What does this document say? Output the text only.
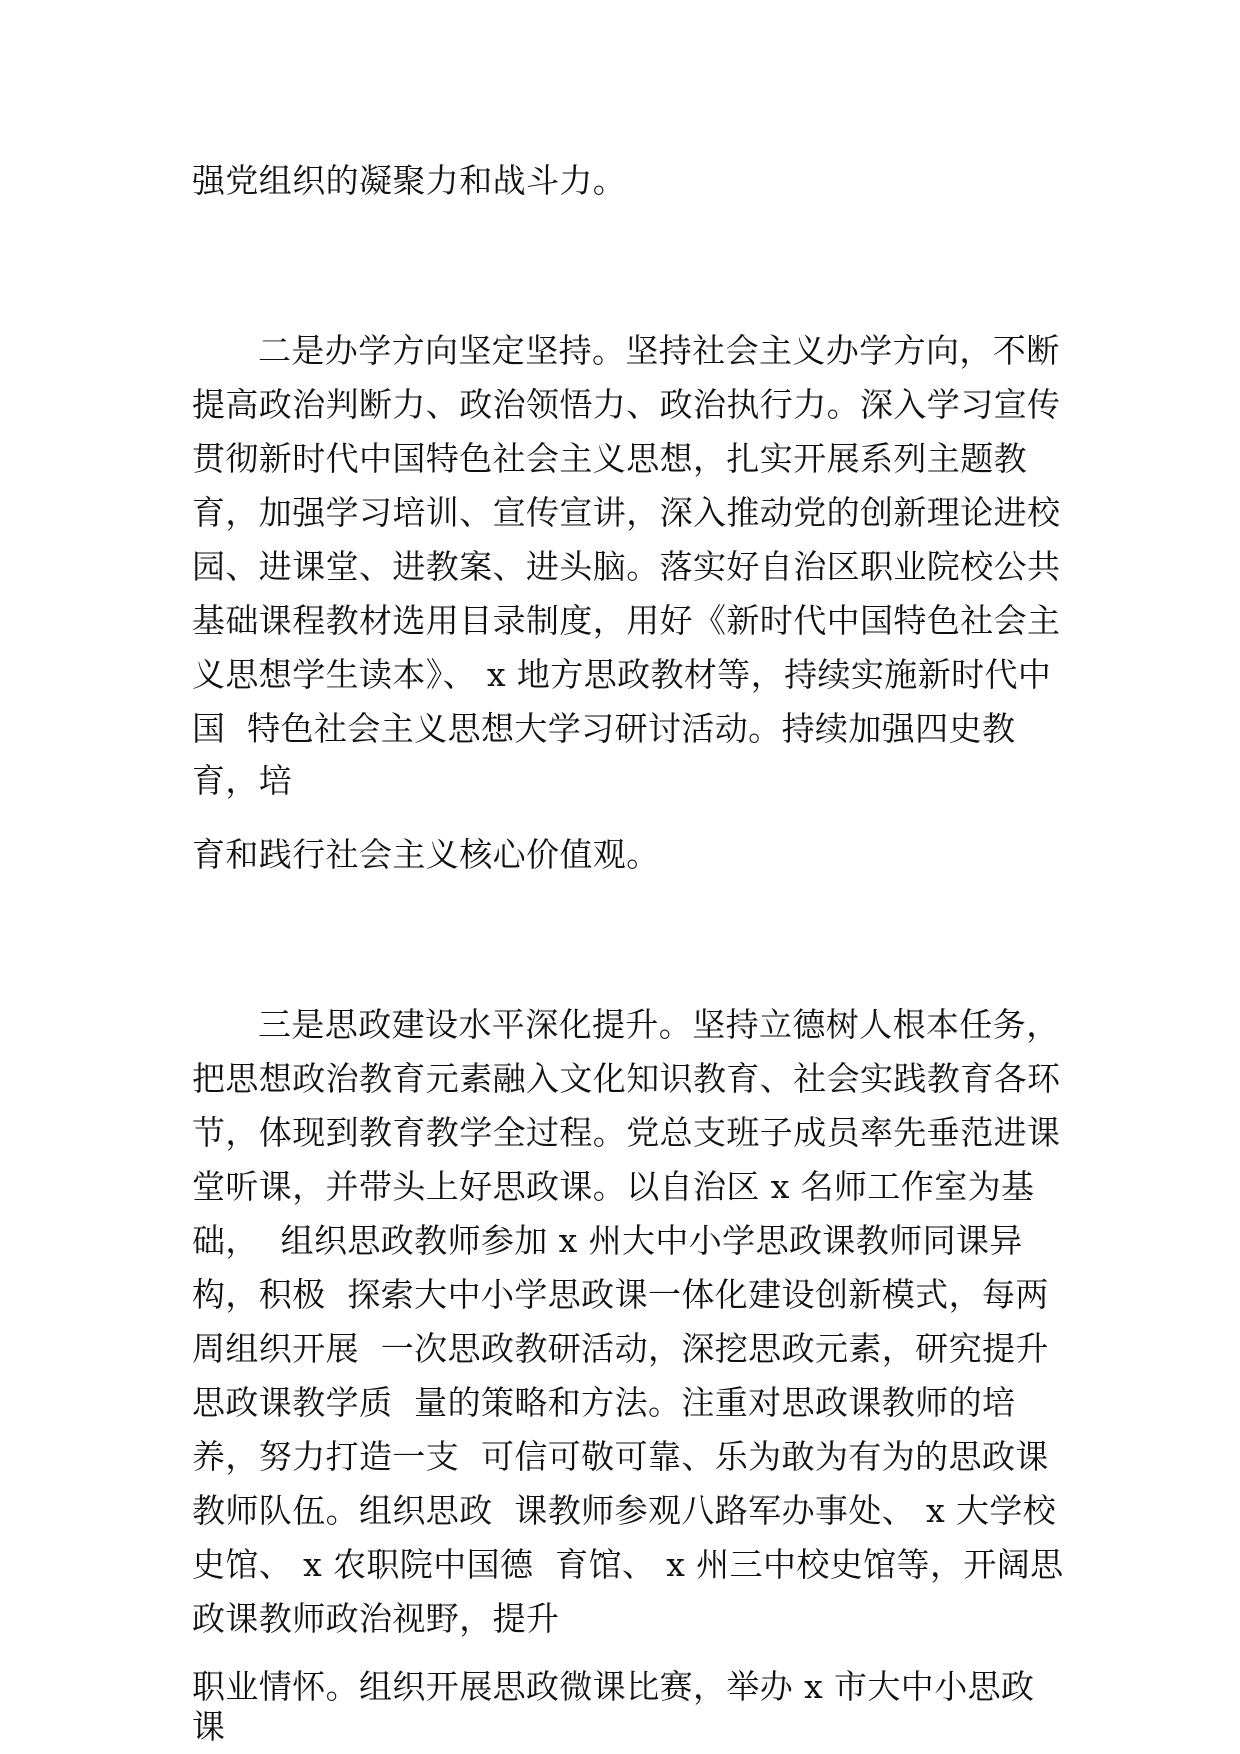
强党组织的凝聚力和战斗力。
二是办学方向坚定坚持。坚持社会主义办学方向，不断
提高政治判断力、政治领悟力、政治执行力。深入学习宣传
贯彻新时代中国特色社会主义思想，扎实开展系列主题教
育，加强学习培训、宣传宣讲，深入推动党的创新理论进校
园、进课堂、进教案、进头脑。落实好自治区职业院校公共
基础课程教材选用目录制度，用好《新时代中国特色社会主
义思想学生读本》、 x 地方思政教材等，持续实施新时代中
国  特色社会主义思想大学习研讨活动。持续加强四史教
育，培
育和践行社会主义核心价值观。
三是思政建设水平深化提升。坚持立德树人根本任务，
把思想政治教育元素融入文化知识教育、社会实践教育各环
节，体现到教育教学全过程。党总支班子成员率先垂范进课
堂听课，并带头上好思政课。以自治区 x 名师工作室为基
础，  组织思政教师参加 x 州大中小学思政课教师同课异
构，积极  探索大中小学思政课一体化建设创新模式，每两
周组织开展  一次思政教研活动，深挖思政元素，研究提升
思政课教学质  量的策略和方法。注重对思政课教师的培
养，努力打造一支  可信可敬可靠、乐为敢为有为的思政课
教师队伍。组织思政  课教师参观八路军办事处、 x 大学校
史馆、 x 农职院中国德  育馆、 x 州三中校史馆等，开阔思
政课教师政治视野，提升
职业情怀。组织开展思政微课比赛，举办 x 市大中小思政
课
